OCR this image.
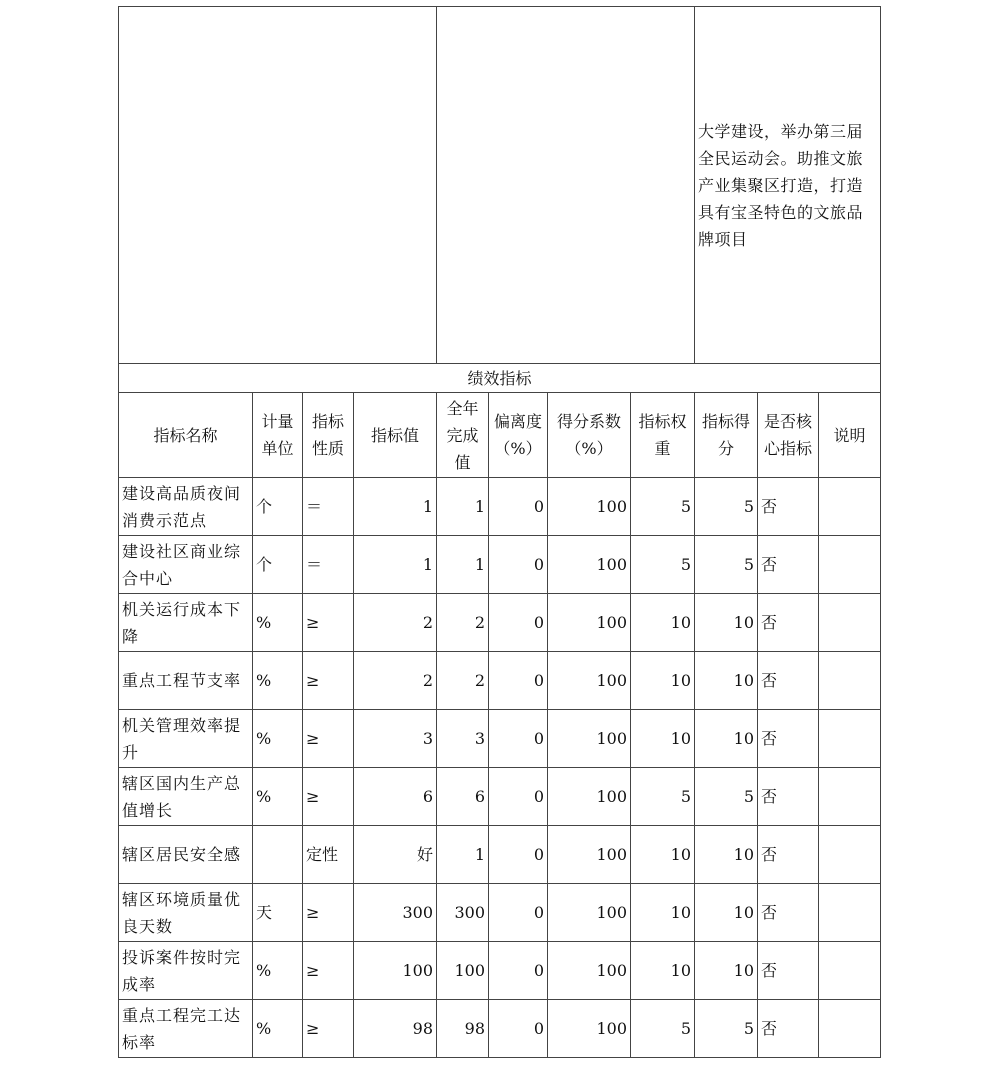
								大学建设，举办第三届全民运动会。助推文旅产业集聚区打造，打造具有宝圣特色的文旅品牌项目		
绩效指标										
指标名称	计量单位	指标性质	指标值	全年完成值	偏离度（%）	得分系数（%）	指标权重	指标得分	是否核心指标	说明
建设高品质夜间消费示范点	个	＝	1	1	0	100	5	5	否	
建设社区商业综合中心	个	＝	1	1	0	100	5	5	否	
机关运行成本下降	%	≥	2	2	0	100	10	10	否	
重点工程节支率	%	≥	2	2	0	100	10	10	否	
机关管理效率提升	%	≥	3	3	0	100	10	10	否	
辖区国内生产总值增长	%	≥	6	6	0	100	5	5	否	
辖区居民安全感		定性	好	1	0	100	10	10	否	
辖区环境质量优良天数	天	≥	300	300	0	100	10	10	否	
投诉案件按时完成率	%	≥	100	100	0	100	10	10	否	
重点工程完工达标率	%	≥	98	98	0	100	5	5	否	
